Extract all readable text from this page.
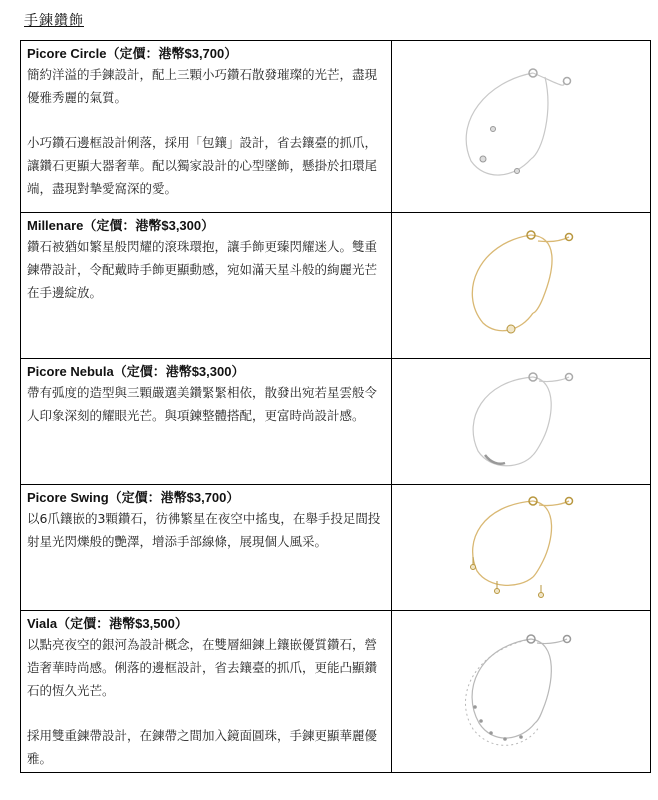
手鍊鑽飾
Picore Circle（定價：港幣$3,700）

簡約洋溢的手鍊設計，配上三顆小巧鑽石散發璀璨的光芒，盡現優雅秀麗的氣質。

小巧鑽石邊框設計俐落，採用「包鑲」設計，省去鑲臺的抓爪，讓鑽石更顯大器奢華。配以獨家設計的心型墜飾，懸掛於扣環尾端，盡現對摯愛窩深的愛。

Millenare（定價：港幣$3,300）

鑽石被猶如繁星般閃耀的滾珠環抱，讓手飾更臻閃耀迷人。雙重鍊帶設計，令配戴時手飾更顯動感，宛如滿天星斗般的絢麗光芒在手邊綻放。

Picore Nebula（定價：港幣$3,300）

帶有弧度的造型與三顆嚴選美鑽緊緊相依，散發出宛若星雲般令人印象深刻的耀眼光芒。與項鍊整體搭配，更富時尚設計感。

Picore Swing（定價：港幣$3,700）

以6爪鑲嵌的3顆鑽石，彷彿繁星在夜空中搖曳，在舉手投足間投射星光閃爍般的艷澤，增添手部線條，展現個人風采。

Viala（定價：港幣$3,500）

以點亮夜空的銀河為設計概念，在雙層細鍊上鑲嵌優質鑽石，營造奢華時尚感。俐落的邊框設計，省去鑲臺的抓爪，更能凸顯鑽石的恆久光芒。

採用雙重鍊帶設計，在鍊帶之間加入鏡面圓珠，手鍊更顯華麗優雅。
